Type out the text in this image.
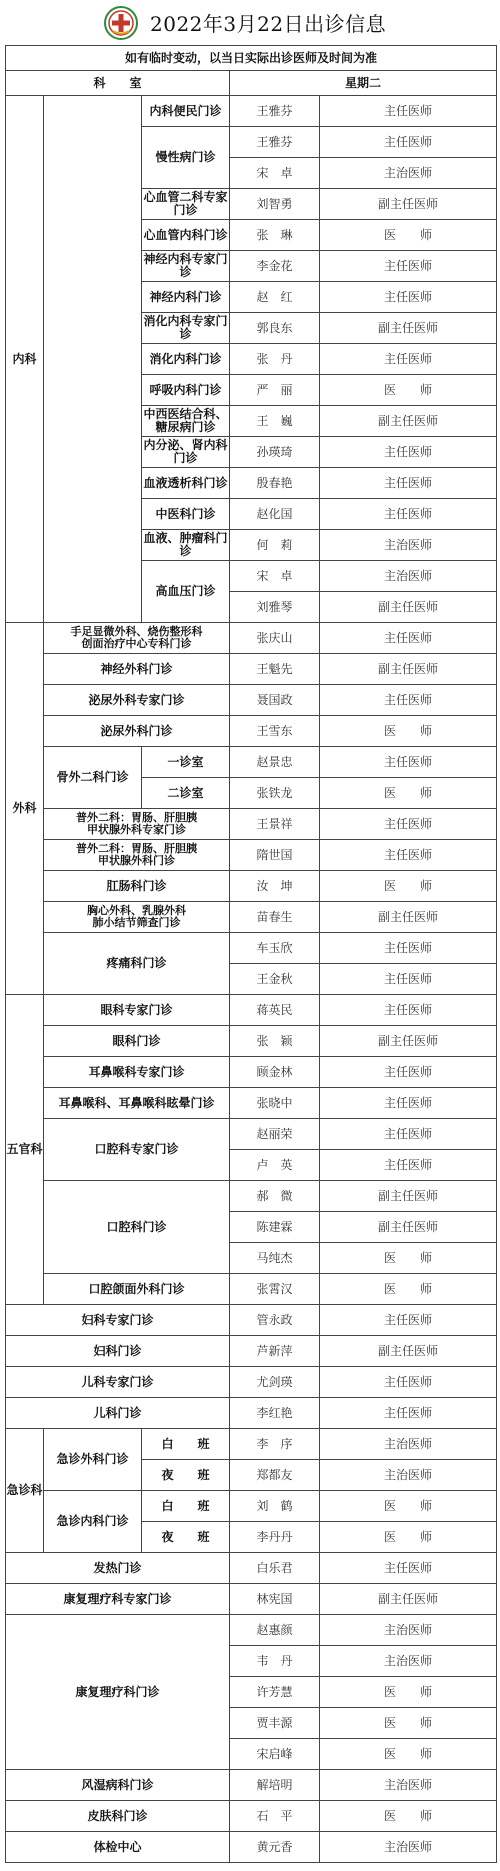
2022年3月22日出诊信息
如有临时变动，以当日实际出诊医师及时间为准				
科　　室			星期二	
内科		内科便民门诊	王雅芬	主任医师
		慢性病门诊	王雅芬	主任医师
			宋　卓	主治医师
		心血管二科专家门诊	刘智勇	副主任医师
		心血管内科门诊	张　琳	医　　师
		神经内科专家门诊	李金花	主任医师
		神经内科门诊	赵　红	主任医师
		消化内科专家门诊	郭良东	副主任医师
		消化内科门诊	张　丹	主任医师
		呼吸内科门诊	严　丽	医　　师
		中西医结合科、糖尿病门诊	王　巍	副主任医师
		内分泌、肾内科门诊	孙瑛琦	主任医师
		血液透析科门诊	殷春艳	主任医师
		中医科门诊	赵化国	主任医师
		血液、肿瘤科门诊	何　莉	主治医师
		高血压门诊	宋　卓	主治医师
			刘雅琴	副主任医师
外科	手足显微外科、烧伤整形科
创面治疗中心专科门诊		张庆山	主任医师
	神经外科门诊		王魁先	副主任医师
	泌尿外科专家门诊		聂国政	主任医师
	泌尿外科门诊		王雪东	医　　师
	骨外二科门诊	一诊室	赵景忠	主任医师
		二诊室	张铁龙	医　　师
	普外二科：胃肠、肝胆胰
甲状腺外科专家门诊		王景祥	主任医师
	普外二科：胃肠、肝胆胰
甲状腺外科门诊		隋世国	主任医师
	肛肠科门诊		汝　坤	医　　师
	胸心外科、乳腺外科
肺小结节筛查门诊		苗春生	副主任医师
	疼痛科门诊		车玉欣	主任医师
			王金秋	主任医师
五官科	眼科专家门诊		蒋英民	主任医师
	眼科门诊		张　颖	副主任医师
	耳鼻喉科专家门诊		顾金林	主任医师
	耳鼻喉科、耳鼻喉科眩晕门诊		张晓中	主任医师
	口腔科专家门诊		赵丽荣	主任医师
			卢　英	主任医师
	口腔科门诊		郝　微	副主任医师
			陈建霖	副主任医师
			马纯杰	医　　师
	口腔颌面外科门诊		张霄汉	医　　师
妇科专家门诊			管永政	主任医师
妇科门诊			芦新萍	副主任医师
儿科专家门诊			尤剑瑛	主任医师
儿科门诊			李红艳	主任医师
急诊科	急诊外科门诊	白　　班	李　序	主治医师
		夜　　班	郑都友	主治医师
	急诊内科门诊	白　　班	刘　鹤	医　　师
		夜　　班	李丹丹	医　　师
发热门诊			白乐君	主任医师
康复理疗科专家门诊			林宪国	副主任医师
康复理疗科门诊			赵惠颜	主治医师
			韦　丹	主治医师
			许芳慧	医　　师
			贾丰源	医　　师
			宋启峰	医　　师
风湿病科门诊			解培明	主治医师
皮肤科门诊			石　平	医　　师
体检中心			黄元香	主治医师
